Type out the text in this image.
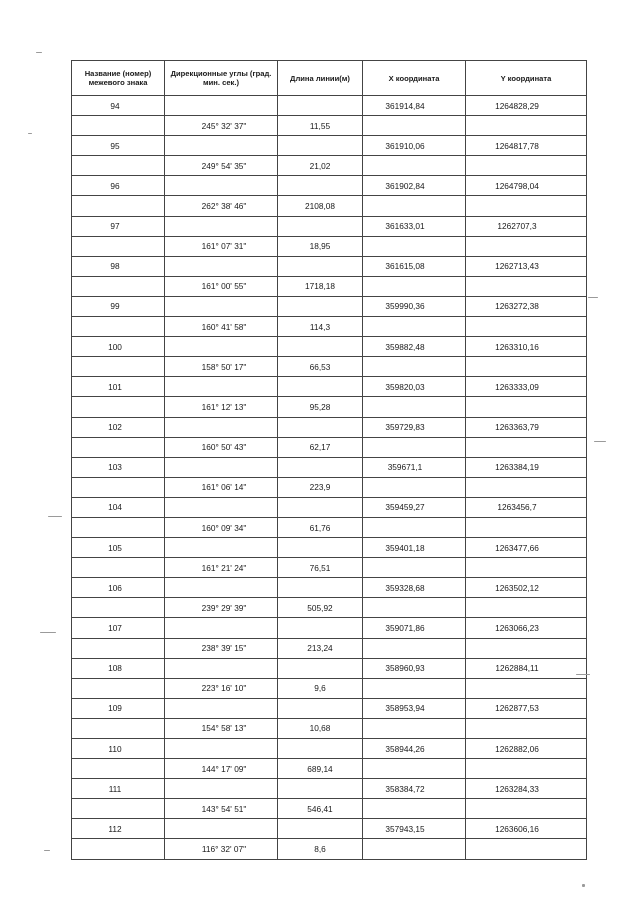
Название (номер) межевого знака	Дирекционные углы (град. мин. сек.)	Длина линии(м)	X координата	Y координата
94			361914,84	1264828,29
	245° 32' 37"	11,55		
95			361910,06	1264817,78
	249° 54' 35"	21,02		
96			361902,84	1264798,04
	262° 38' 46"	2108,08		
97			361633,01	1262707,3
	161° 07' 31"	18,95		
98			361615,08	1262713,43
	161° 00' 55"	1718,18		
99			359990,36	1263272,38
	160° 41' 58"	114,3		
100			359882,48	1263310,16
	158° 50' 17"	66,53		
101			359820,03	1263333,09
	161° 12' 13"	95,28		
102			359729,83	1263363,79
	160° 50' 43"	62,17		
103			359671,1	1263384,19
	161° 06' 14"	223,9		
104			359459,27	1263456,7
	160° 09' 34"	61,76		
105			359401,18	1263477,66
	161° 21' 24"	76,51		
106			359328,68	1263502,12
	239° 29' 39"	505,92		
107			359071,86	1263066,23
	238° 39' 15"	213,24		
108			358960,93	1262884,11
	223° 16' 10"	9,6		
109			358953,94	1262877,53
	154° 58' 13"	10,68		
110			358944,26	1262882,06
	144° 17' 09"	689,14		
111			358384,72	1263284,33
	143° 54' 51"	546,41		
112			357943,15	1263606,16
	116° 32' 07"	8,6		
